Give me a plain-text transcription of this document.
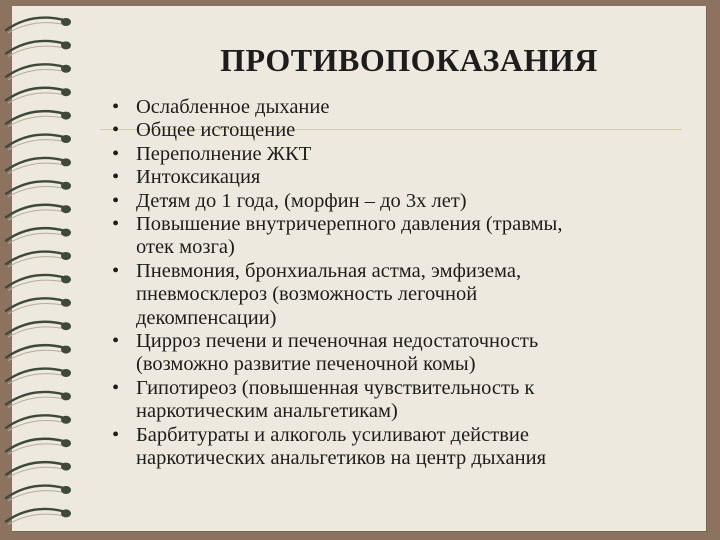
ПРОТИВОПОКАЗАНИЯ
• Ослабленное дыхание
• Общее истощение
• Переполнение ЖКТ
• Интоксикация
• Детям до 1 года, (морфин – до 3х лет)
• Повышение внутричерепного давления (травмы,
отек мозга)
• Пневмония, бронхиальная астма, эмфизема,
пневмосклероз (возможность легочной
декомпенсации)
• Цирроз печени и печеночная недостаточность
(возможно развитие печеночной комы)
• Гипотиреоз (повышенная чувствительность к
наркотическим анальгетикам)
• Барбитураты и алкоголь усиливают действие
наркотических анальгетиков на центр дыхания
